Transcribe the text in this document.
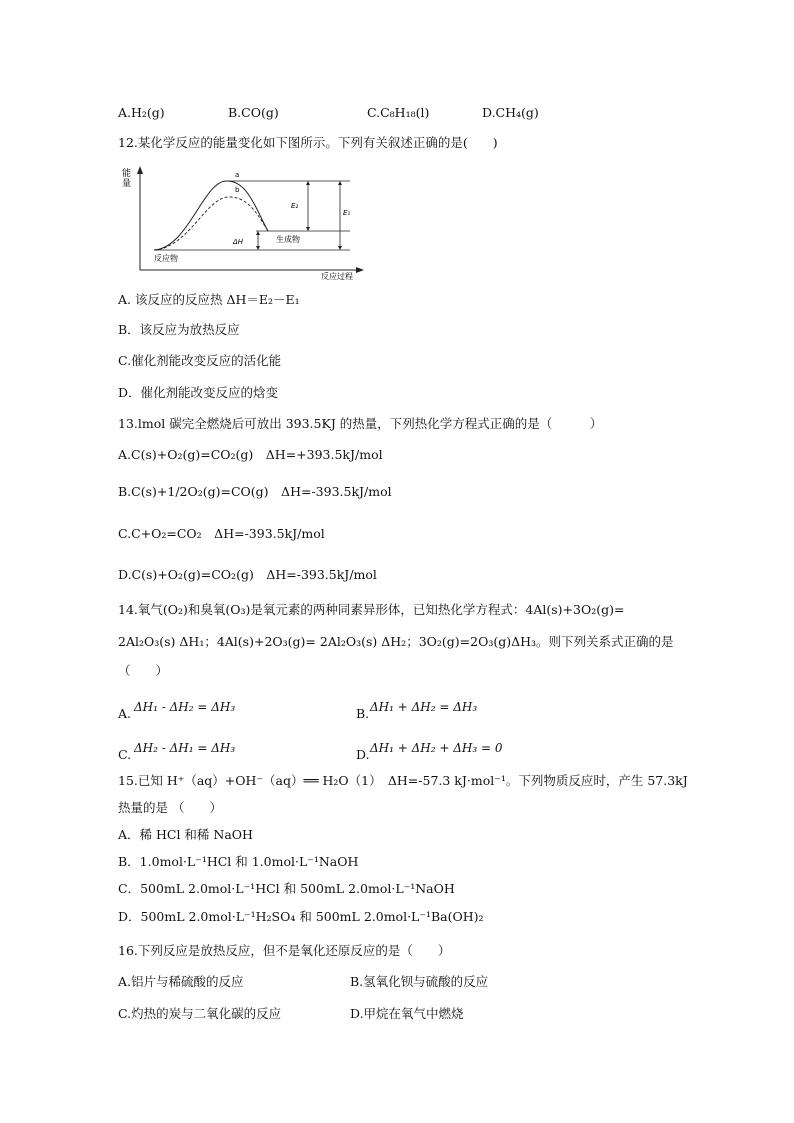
A.H₂(g)	B.CO(g)	C.C₈H₁₈(l)	D.CH₄(g)
12.某化学反应的能量变化如下图所示。下列有关叙述正确的是(　　)
能
量
反应过程
a
b
反应物
生成物
E₂
E₁
ΔH
A. 该反应的反应热 ΔH＝E₂－E₁
B．该反应为放热反应
C.催化剂能改变反应的活化能
D．催化剂能改变反应的焓变
13.lmol 碳完全燃烧后可放出 393.5KJ 的热量，下列热化学方程式正确的是（　　　）
A.C(s)+O₂(g)=CO₂(g)　ΔH=+393.5kJ/mol
B.C(s)+1/2O₂(g)=CO(g)　ΔH=-393.5kJ/mol
C.C+O₂=CO₂　ΔH=-393.5kJ/mol
D.C(s)+O₂(g)=CO₂(g)　ΔH=-393.5kJ/mol
14.氧气(O₂)和臭氧(O₃)是氧元素的两种同素异形体，已知热化学方程式：4Al(s)+3O₂(g)=
2Al₂O₃(s) ΔH₁；4Al(s)+2O₃(g)= 2Al₂O₃(s) ΔH₂；3O₂(g)=2O₃(g)ΔH₃。则下列关系式正确的是
（　　）
A. ΔH₁ - ΔH₂ = ΔH₃	B. ΔH₁ + ΔH₂ = ΔH₃
C. ΔH₂ - ΔH₁ = ΔH₃	D. ΔH₁ + ΔH₂ + ΔH₃ = 0
15.已知 H⁺（aq）+OH⁻（aq）══ H₂O（1）　ΔH=-57.3 kJ·mol⁻¹。下列物质反应时，产生 57.3kJ
热量的是 （　　）
A．稀 HCl 和稀 NaOH
B．1.0mol·L⁻¹HCl 和 1.0mol·L⁻¹NaOH
C．500mL 2.0mol·L⁻¹HCl 和 500mL 2.0mol·L⁻¹NaOH
D．500mL 2.0mol·L⁻¹H₂SO₄ 和 500mL 2.0mol·L⁻¹Ba(OH)₂
16.下列反应是放热反应，但不是氧化还原反应的是（　　）
A.铝片与稀硫酸的反应	B.氢氧化钡与硫酸的反应
C.灼热的炭与二氧化碳的反应	D.甲烷在氧气中燃烧
